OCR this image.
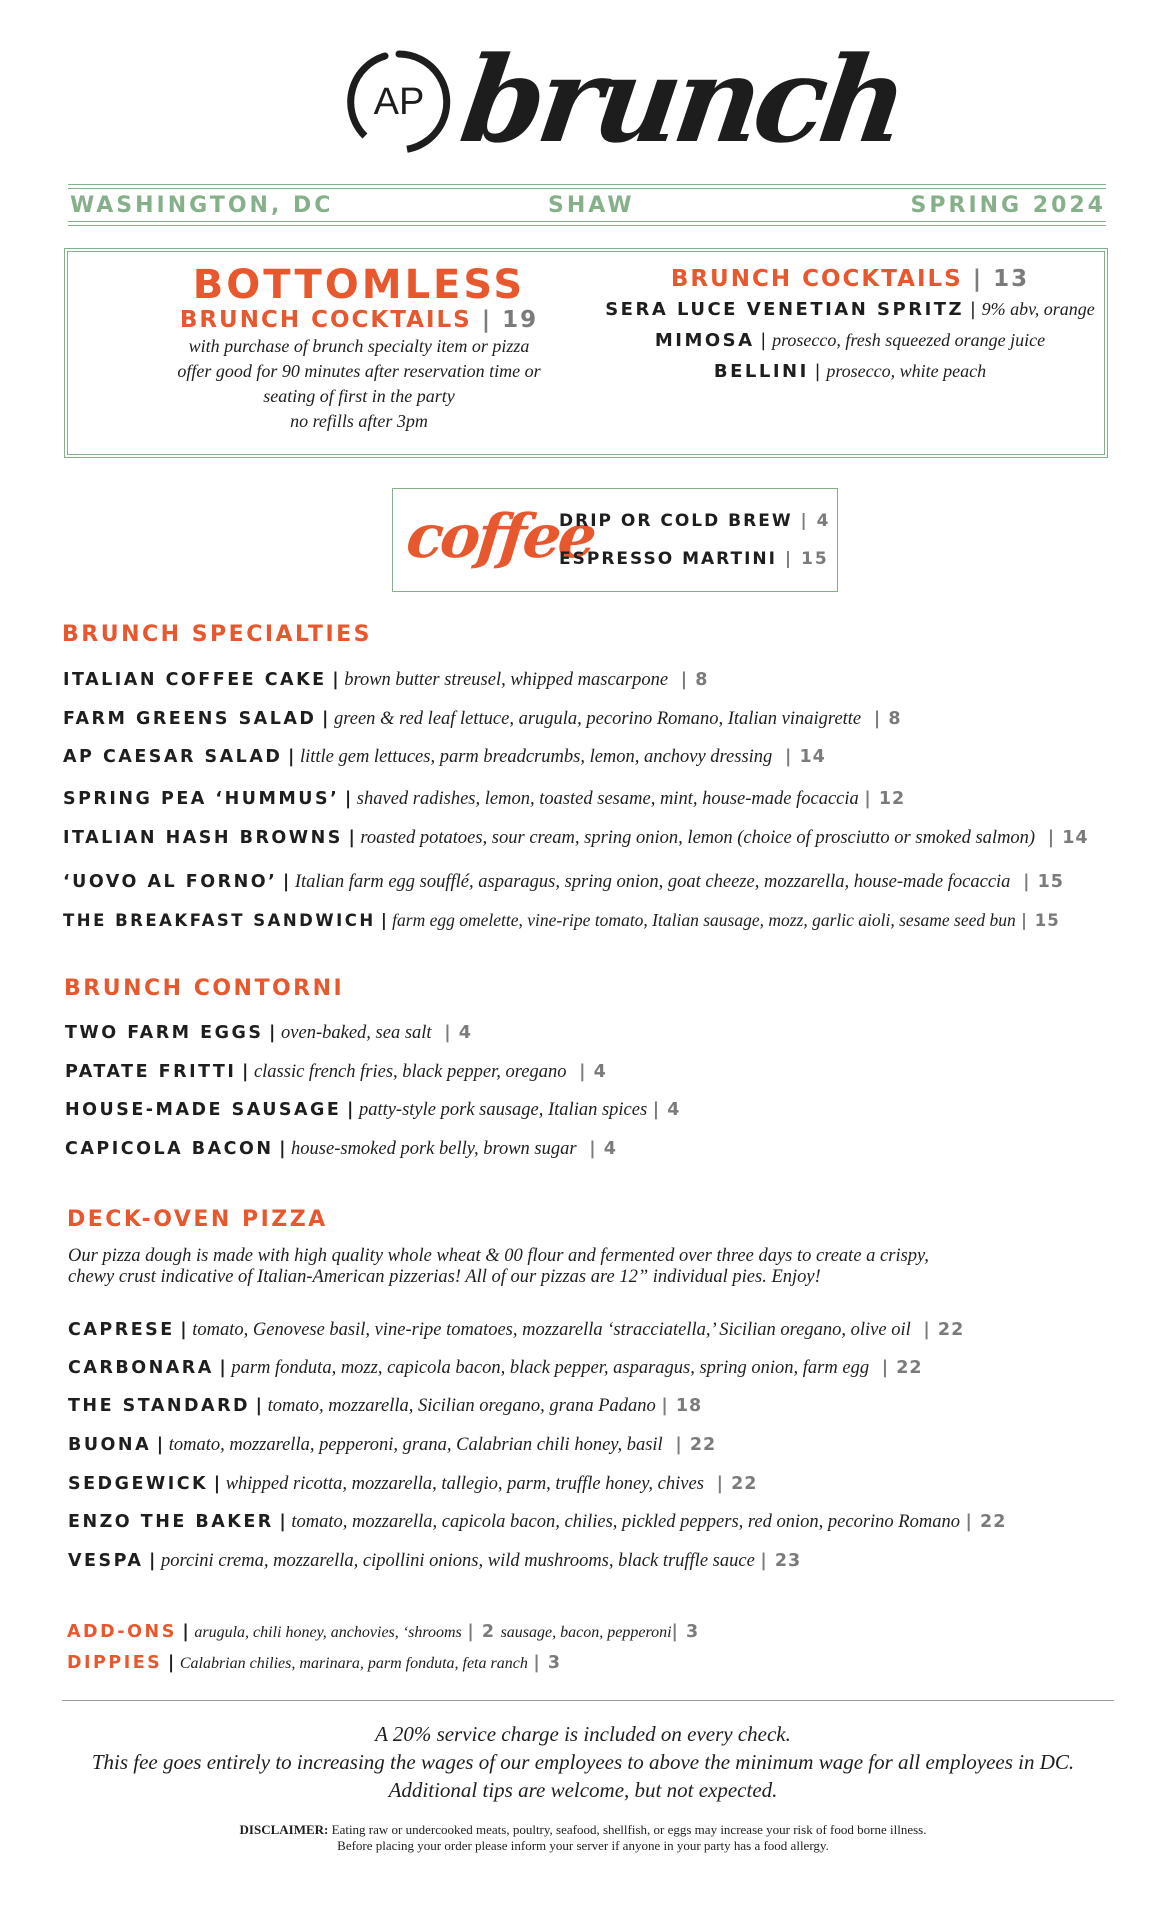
AP brunch
WASHINGTON, DC	SHAW	SPRING 2024
BOTTOMLESS
BRUNCH COCKTAILS | 19
with purchase of brunch specialty item or pizza
offer good for 90 minutes after reservation time or
seating of first in the party
no refills after 3pm
BRUNCH COCKTAILS | 13
SERA LUCE VENETIAN SPRITZ | 9% abv, orange
MIMOSA | prosecco, fresh squeezed orange juice
BELLINI | prosecco, white peach
coffee
DRIP OR COLD BREW | 4
ESPRESSO MARTINI | 15
BRUNCH SPECIALTIES
ITALIAN COFFEE CAKE | brown butter streusel, whipped mascarpone  | 8
FARM GREENS SALAD | green & red leaf lettuce, arugula, pecorino Romano, Italian vinaigrette  | 8
AP CAESAR SALAD | little gem lettuces, parm breadcrumbs, lemon, anchovy dressing  | 14
SPRING PEA ‘HUMMUS’ | shaved radishes, lemon, toasted sesame, mint, house-made focaccia | 12
ITALIAN HASH BROWNS | roasted potatoes, sour cream, spring onion, lemon (choice of prosciutto or smoked salmon)  | 14
‘UOVO AL FORNO’ | Italian farm egg soufflé, asparagus, spring onion, goat cheeze, mozzarella, house-made focaccia  | 15
THE BREAKFAST SANDWICH | farm egg omelette, vine-ripe tomato, Italian sausage, mozz, garlic aioli, sesame seed bun | 15
BRUNCH CONTORNI
TWO FARM EGGS | oven-baked, sea salt  | 4
PATATE FRITTI | classic french fries, black pepper, oregano  | 4
HOUSE-MADE SAUSAGE | patty-style pork sausage, Italian spices | 4
CAPICOLA BACON | house-smoked pork belly, brown sugar  | 4
DECK-OVEN PIZZA
Our pizza dough is made with high quality whole wheat & 00 flour and fermented over three days to create a crispy,
chewy crust indicative of Italian-American pizzerias! All of our pizzas are 12” individual pies. Enjoy!
CAPRESE | tomato, Genovese basil, vine-ripe tomatoes, mozzarella ‘stracciatella,’ Sicilian oregano, olive oil  | 22
CARBONARA | parm fonduta, mozz, capicola bacon, black pepper, asparagus, spring onion, farm egg  | 22
THE STANDARD | tomato, mozzarella, Sicilian oregano, grana Padano | 18
BUONA | tomato, mozzarella, pepperoni, grana, Calabrian chili honey, basil  | 22
SEDGEWICK | whipped ricotta, mozzarella, tallegio, parm, truffle honey, chives  | 22
ENZO THE BAKER | tomato, mozzarella, capicola bacon, chilies, pickled peppers, red onion, pecorino Romano | 22
VESPA | porcini crema, mozzarella, cipollini onions, wild mushrooms, black truffle sauce | 23
ADD-ONS | arugula, chili honey, anchovies, ‘shrooms | 2 sausage, bacon, pepperoni| 3
DIPPIES | Calabrian chilies, marinara, parm fonduta, feta ranch | 3
A 20% service charge is included on every check.
This fee goes entirely to increasing the wages of our employees to above the minimum wage for all employees in DC.
Additional tips are welcome, but not expected.
DISCLAIMER: Eating raw or undercooked meats, poultry, seafood, shellfish, or eggs may increase your risk of food borne illness.
Before placing your order please inform your server if anyone in your party has a food allergy.
